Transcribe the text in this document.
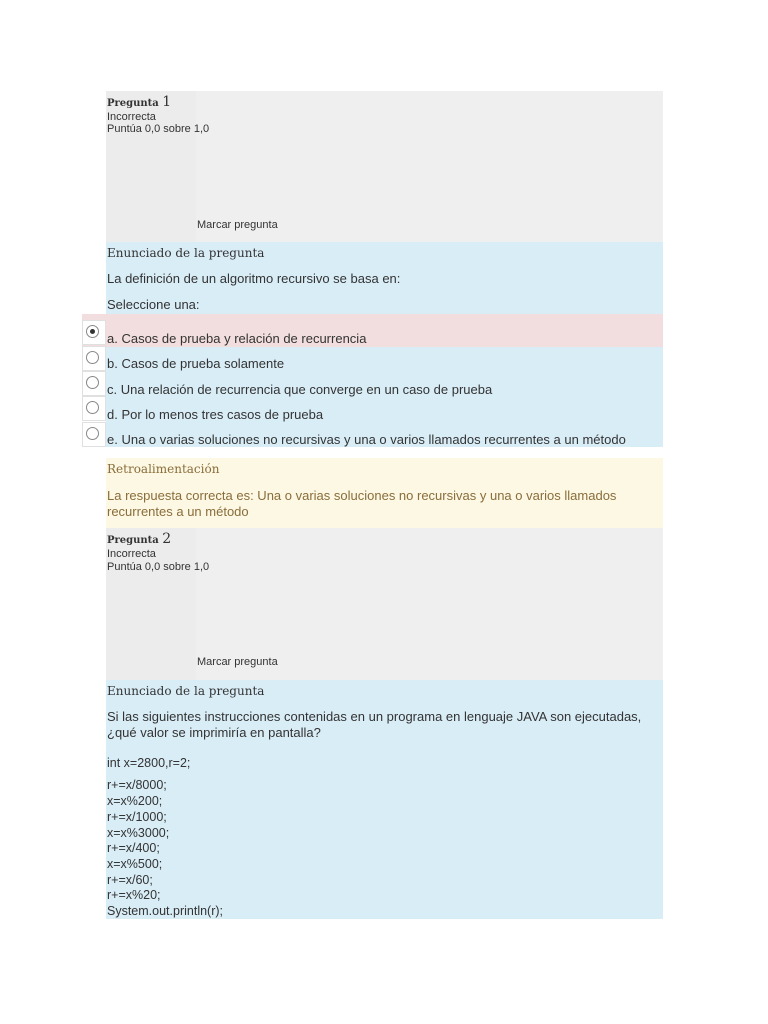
Pregunta 1
Incorrecta
Puntúa 0,0 sobre 1,0
Marcar pregunta
Enunciado de la pregunta
La definición de un algoritmo recursivo se basa en:
Seleccione una:
a. Casos de prueba y relación de recurrencia
b. Casos de prueba solamente
c. Una relación de recurrencia que converge en un caso de prueba
d. Por lo menos tres casos de prueba
e. Una o varias soluciones no recursivas y una o varios llamados recurrentes a un método
Retroalimentación
La respuesta correcta es: Una o varias soluciones no recursivas y una o varios llamados
recurrentes a un método
Pregunta 2
Incorrecta
Puntúa 0,0 sobre 1,0
Marcar pregunta
Enunciado de la pregunta
Si las siguientes instrucciones contenidas en un programa en lenguaje JAVA son ejecutadas,
¿qué valor se imprimiría en pantalla?
int x=2800,r=2;
r+=x/8000;
x=x%200;
r+=x/1000;
x=x%3000;
r+=x/400;
x=x%500;
r+=x/60;
r+=x%20;
System.out.println(r);
